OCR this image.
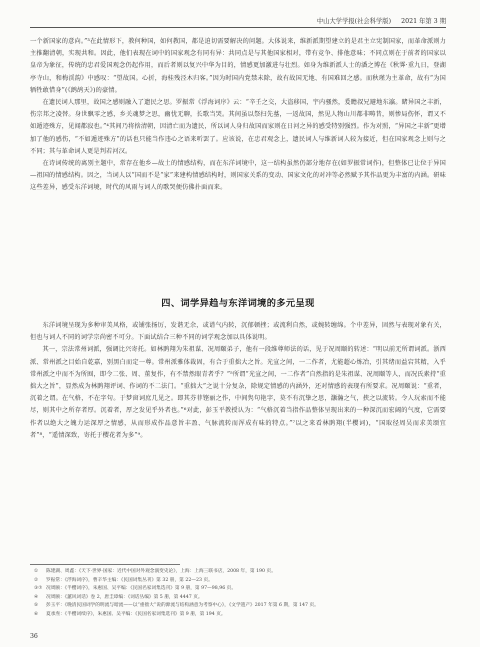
中山大学学报(社会科学版) 2021 年第 3 期

一个新国家的意向。”³在此情形下，教何种国，如何教国，都是迫切需要解决的问题。大体说来，维新派期望建立的是君主立宪制国家，而革命派则力主推翻清朝，实现共和。因此，他们表现在词中的国家观念有同有异：共同点是与其他国家相对，带有竞争、排他意味；不同点则在于前者的国家以皇帝为象征，传统的忠君爱国观念仍起作用，而后者则以复兴中华为目的，情感更加激进与壮烈。如身为维新派人士的潘之博在《秋霁·重九日，登湖亭寺山，和梅渓韵》中感叹：“望故国。心折，海桂残泾木归客。”因为时国内党禁未除，故有故国无地、有国难回之感。而秋瑾为主革命，故有“为国牺牲敢惜身”(《鹧鸪天》)的豪情。

在遗民词人那里，故国之感则融入了遗民之思。罗振常《浮海词序》云：“辛壬之交，大盗移国，宇内骚然，爰瞻叔兄避地东瀛。睹异国之丰新，伤宗邦之凌替。身世飘零之感，乡关魂梦之思，幽忧无聊，长歌当哭。其间虽以祭扫先墓，一返故国，然见人物山川都非畴昔，则惨局伤怀，谓又不如遁迹殊方，见闻都寂也。”⁴其间乃将捨清朝，因清亡而为遗民，所以词人身归故国而家则在日河之异的感受特别强烈。作为对照，“异国之丰新”更增加了他的感伤，“不如遁迹殊方”的话也只能当作违心之语来听罢了。应该说，在忠君观念上，遗民词人与维新词人较为接近，但在国家观念上则与之不同；其与革命词人更是判若河汉。

在诗词传统的离别主题中，常存在他乡—故土的情感结构，而在东洋词境中，这一结构虽然仍部分地存在(如罗振常词作)，但整体已让位于异国—祖国的情感结构。因之，当词人以“国而不是“家”来建构情感结构时，则国家关系的变动、国家文化的对冲等必然赋予其作品更为丰富的内涵。研味这些差异，感受东洋词境，时代的风雨与词人的歌哭便仿佛扑面而来。

四、词学异趋与东洋词境的多元呈现

东洋词境呈现为多种审美风格，或铺张扬厉，发谐无余，或谱气内转，沉郁顿挫；或流利自然，或婉转缠绵。个中差异，固然与表现对象有关，但也与词人不同的词学宗尚密不可分。下面试结合三种不同的词学观念加以具体说明。

其一，宗法常州词派，强调比兴寄托。如林鹍翔为朱祖谋、况周颐弟子，他有一段维尊师法的话，见于况周颐的转述：“明以前无所谓词派。浙西派、常州派之目始自乾嘉，别黑白而定一尊。常州派雅体裁固，有合于重拙大之旨。光宣之间，一二作者，尤能超心炼冶，引其绪而益宕其精，入乎常州派之中而不为所囿，即令二张、周、董复作，有不禁然眼青者乎？”⁵所谓“光宣之间，一二作者”自然指的是朱祖谋、况周颐等人，而况氏素持“重拙大之旨”，显然成为林鹍翔评词、作词的不二法门。“重拙大”之说十分复杂，除规定情感的内涵外，还对情感的表现有所要求。况周颐说：“重者，沉着之谓。在气格，不在字句。于梦窗词庶几见之。即其芬菲铿丽之作，中间隽句艳字，莫不有沉挚之思，灏瀚之气，挟之以流转。令人玩索而不能尽，则其中之所存者厚。沉着者，厚之发见乎外者也。”⁶对此，彭玉平教授认为：“气格沉着当指作品整体呈现出来的一种深沉而宏阔的气度，它需要作者以绝大之魄力运深厚之情感，从而形成作品意旨丰盈、气脉流转而浑成有味的特点。”⁷以之来看林鹍翔(半樱词)，“国取径周吴而求美颂宜者”⁸，“遥情深致，寄托于樱花者为多”⁹。

① 陈建湖、周鑫：《天下·世界·国家：近代中国对外观念演变史论》，上海：上海三联书店，2008 年，第 190 页。
② 罗振常：《浮海词序》，曹辛华主编：《民国词集丛刊》第 32 册，第 22—23 页。
③⑦ 况周颐：《半樱词序》，朱惠国、吴平编：《民国名家词集选刊》第 9 册，第 97—98,96 页。
④ 况周颐：《蕙风词话》卷 2，唐圭璋编：《词话丛编》第 5 册，第 4447 页。
⑤ 彭玉平：《晚清民国词学的明流与暗流——以“重拙大”说的源流与结构涵意为考察中心》，《文学遗产》2017 年第 6 期，第 147 页。
⑥ 夏承焘：《半樱词续序》，朱惠国、吴平编：《民国名家词集选刊》第 9 册，第 194 页。
36
